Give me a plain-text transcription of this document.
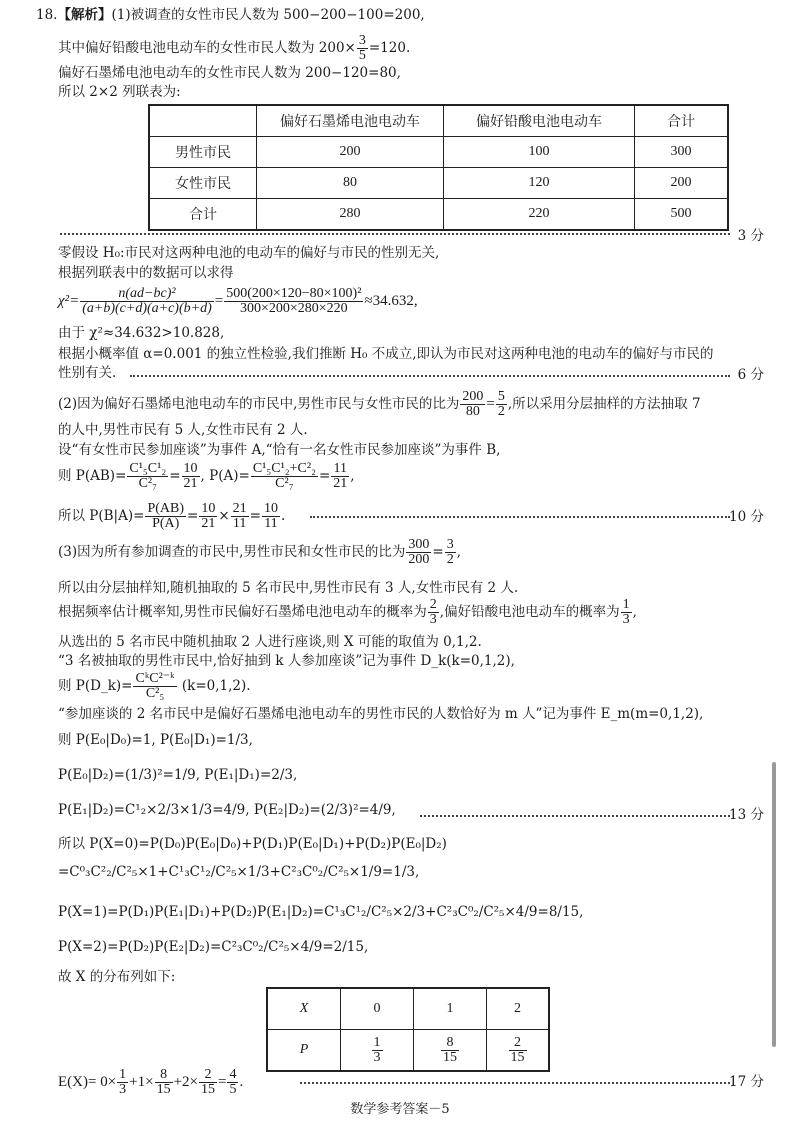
18.【解析】(1)被调查的女性市民人数为 500−200−100=200,
其中偏好铅酸电池电动车的女性市民人数为 $200\times \frac{3}{5} =120$.
偏好石墨烯电池电动车的女性市民人数为 200−120=80,
所以 2×2 列联表为:
	偏好石墨烯电池电动车	偏好铅酸电池电动车	合计
男性市民	200	100	300
女性市民	80	120	200
合计	280	220	500

3 分
零假设 H₀:市民对这两种电池的电动车的偏好与市民的性别无关,
根据列联表中的数据可以求得
$\chi^2= \frac{\text{n(ad−bc)²}}{(a+b)(c+d)(a+c)(b+d)} = \frac{\text{500(200×120−80×100)²}}{300\times 200\times 280\times 220} \approx 34.632$,
由于 χ²≈34.632>10.828,
根据小概率值 α=0.001 的独立性检验,我们推断 H₀ 不成立,即认为市民对这两种电池的电动车的偏好与市民的
性别有关.	6 分
(2)因为偏好石墨烯电池电动车的市民中,男性市民与女性市民的比为 $\frac{200}{80} = \frac{5}{2}$ ,所以采用分层抽样的方法抽取 7
的人中,男性市民有 5 人,女性市民有 2 人.
设“有女性市民参加座谈”为事件 A,“恰有一名女性市民参加座谈”为事件 B,
则 $P(AB)= \frac{\text{C¹₅C¹₂}}{\text{C²₇}} = \frac{10}{21}$ , $P(A)= \frac{\text{C¹₅C¹₂+C²₂}}{\text{C²₇}} = \frac{11}{21}$ ,
所以 $P(B|A)= \frac{P(AB)}{P(A)} = \frac{10}{21} \times \frac{21}{11} = \frac{10}{11}$ .	10 分
(3)因为所有参加调查的市民中,男性市民和女性市民的比为 $\frac{300}{200} = \frac{3}{2}$ ,
所以由分层抽样知,随机抽取的 5 名市民中,男性市民有 3 人,女性市民有 2 人.
根据频率估计概率知,男性市民偏好石墨烯电池电动车的概率为 $\frac{2}{3}$ ,偏好铅酸电池电动车的概率为 $\frac{1}{3}$ ,
从选出的 5 名市民中随机抽取 2 人进行座谈,则 X 可能的取值为 0,1,2.
“3 名被抽取的男性市民中,恰好抽到 k 人参加座谈”记为事件 D_k(k=0,1,2),
则 P(D_k)= $\frac{\text{CᵏC²⁻ᵏ}}{\text{C²₅}} (k=0,1,2)$.
“参加座谈的 2 名市民中是偏好石墨烯电池电动车的男性市民的人数恰好为 m 人”记为事件 E_m(m=0,1,2),
则 P(E₀|D₀)=1, P(E₀|D₁)=1/3,
P(E₀|D₂)=(1/3)²=1/9, P(E₁|D₁)=2/3,
P(E₁|D₂)=C¹₂×2/3×1/3=4/9, P(E₂|D₂)=(2/3)²=4/9,	13 分
所以 P(X=0)=P(D₀)P(E₀|D₀)+P(D₁)P(E₀|D₁)+P(D₂)P(E₀|D₂)
=C⁰₃C²₂/C²₅×1+C¹₃C¹₂/C²₅×1/3+C²₃C⁰₂/C²₅×1/9=1/3,
P(X=1)=P(D₁)P(E₁|D₁)+P(D₂)P(E₁|D₂)=C¹₃C¹₂/C²₅×2/3+C²₃C⁰₂/C²₅×4/9=8/15,
P(X=2)=P(D₂)P(E₂|D₂)=C²₃C⁰₂/C²₅×4/9=2/15,
故 X 的分布列如下:
X	0	1	2
P	$\frac{1}{3}$	$\frac{8}{15}$	$\frac{2}{15}$
$E(X)= 0\times \frac{1}{3} +1\times \frac{8}{15} +2\times \frac{2}{15} = \frac{4}{5}$ .	17 分
数学参考答案－5
